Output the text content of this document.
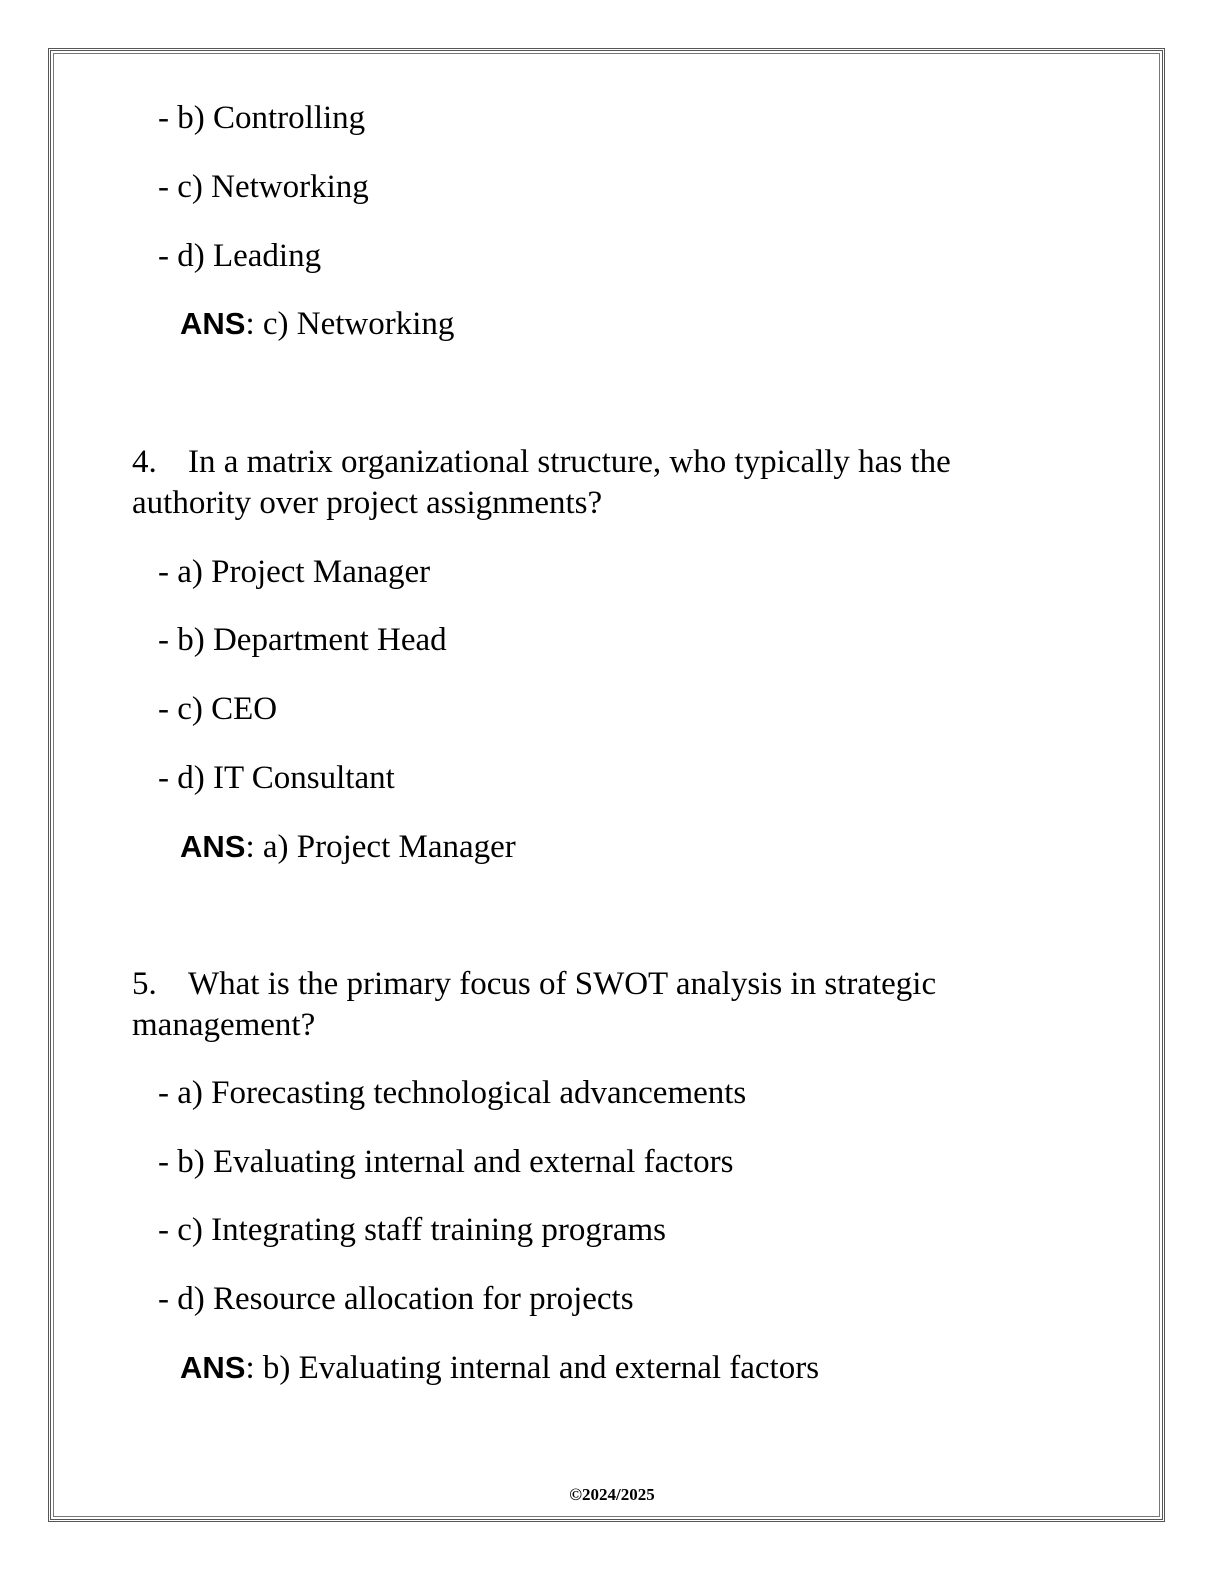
- b) Controlling
- c) Networking
- d) Leading
ANS: c) Networking
4. In a matrix organizational structure, who typically has the
authority over project assignments?
- a) Project Manager
- b) Department Head
- c) CEO
- d) IT Consultant
ANS: a) Project Manager
5. What is the primary focus of SWOT analysis in strategic
management?
- a) Forecasting technological advancements
- b) Evaluating internal and external factors
- c) Integrating staff training programs
- d) Resource allocation for projects
ANS: b) Evaluating internal and external factors
©2024/2025
